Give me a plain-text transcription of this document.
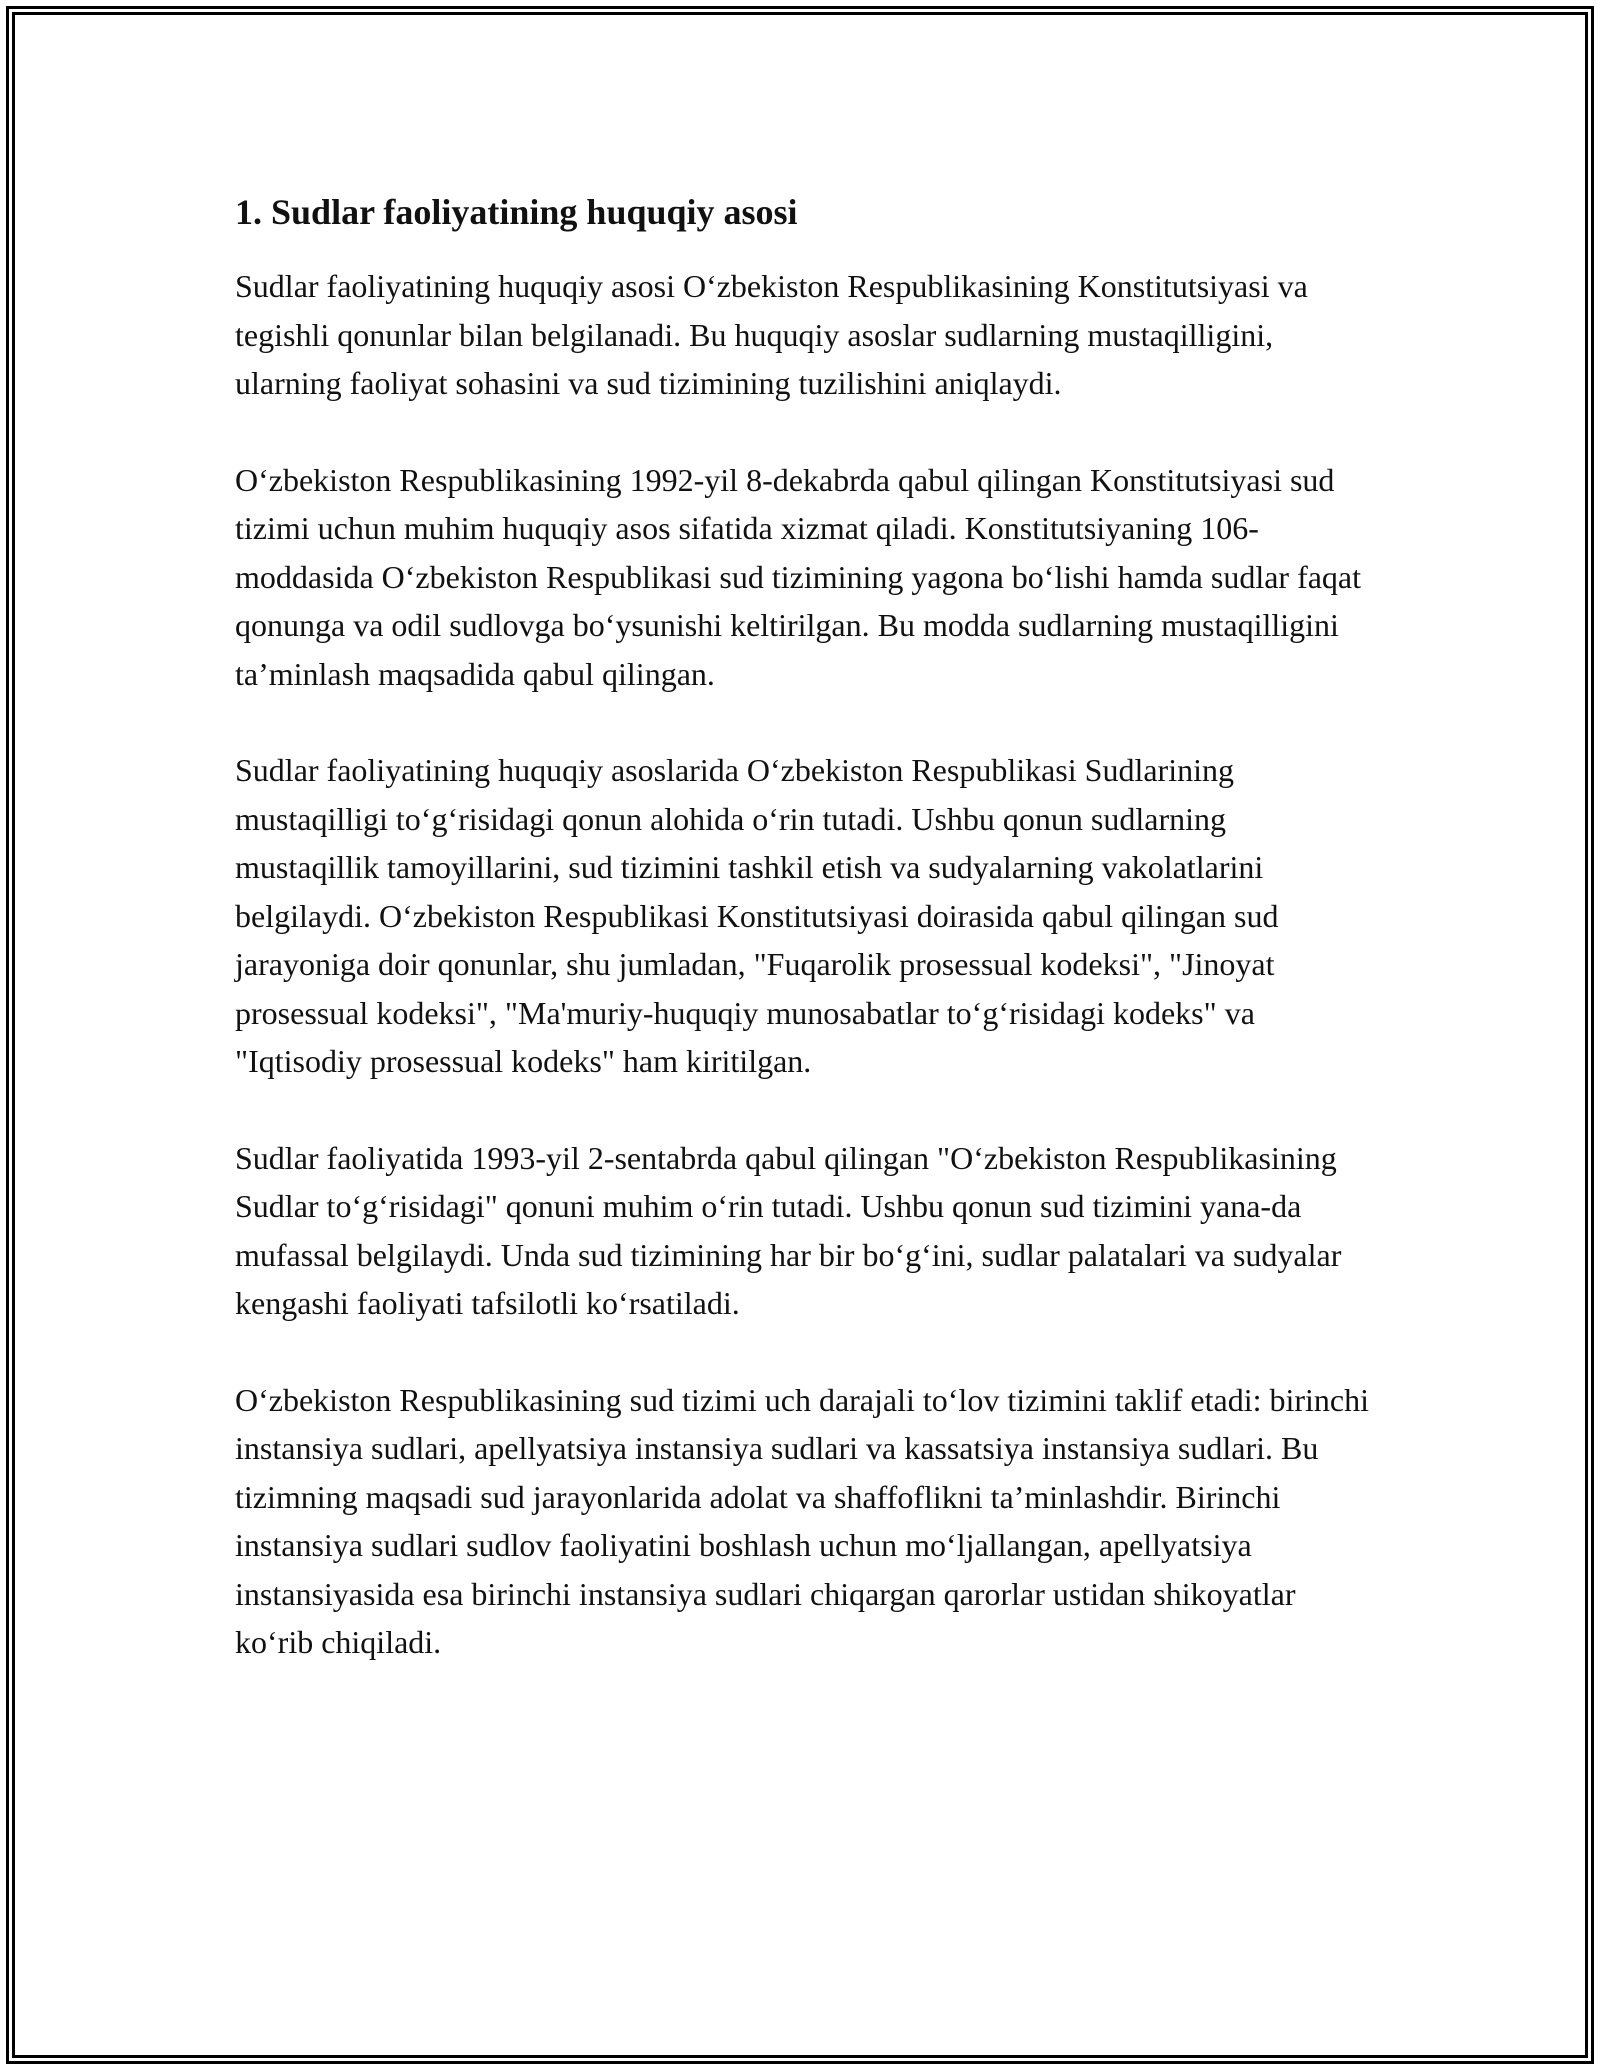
1. Sudlar faoliyatining huquqiy asosi

Sudlar faoliyatining huquqiy asosi O‘zbekiston Respublikasining Konstitutsiyasi va tegishli qonunlar bilan belgilanadi. Bu huquqiy asoslar sudlarning mustaqilligini, ularning faoliyat sohasini va sud tizimining tuzilishini aniqlaydi.

O‘zbekiston Respublikasining 1992-yil 8-dekabrda qabul qilingan Konstitutsiyasi sud tizimi uchun muhim huquqiy asos sifatida xizmat qiladi. Konstitutsiyaning 106-moddasida O‘zbekiston Respublikasi sud tizimining yagona bo‘lishi hamda sudlar faqat qonunga va odil sudlovga bo‘ysunishi keltirilgan. Bu modda sudlarning mustaqilligini ta’minlash maqsadida qabul qilingan.

Sudlar faoliyatining huquqiy asoslarida O‘zbekiston Respublikasi Sudlarining mustaqilligi to‘g‘risidagi qonun alohida o‘rin tutadi. Ushbu qonun sudlarning mustaqillik tamoyillarini, sud tizimini tashkil etish va sudyalarning vakolatlarini belgilaydi. O‘zbekiston Respublikasi Konstitutsiyasi doirasida qabul qilingan sud jarayoniga doir qonunlar, shu jumladan, "Fuqarolik prosessual kodeksi", "Jinoyat prosessual kodeksi", "Ma'muriy-huquqiy munosabatlar to‘g‘risidagi kodeks" va "Iqtisodiy prosessual kodeks" ham kiritilgan.

Sudlar faoliyatida 1993-yil 2-sentabrda qabul qilingan "O‘zbekiston Respublikasining Sudlar to‘g‘risidagi" qonuni muhim o‘rin tutadi. Ushbu qonun sud tizimini yana-da mufassal belgilaydi. Unda sud tizimining har bir bo‘g‘ini, sudlar palatalari va sudyalar kengashi faoliyati tafsilotli ko‘rsatiladi.

O‘zbekiston Respublikasining sud tizimi uch darajali to‘lov tizimini taklif etadi: birinchi instansiya sudlari, apellyatsiya instansiya sudlari va kassatsiya instansiya sudlari. Bu tizimning maqsadi sud jarayonlarida adolat va shaffoflikni ta’minlashdir. Birinchi instansiya sudlari sudlov faoliyatini boshlash uchun mo‘ljallangan, apellyatsiya instansiyasida esa birinchi instansiya sudlari chiqargan qarorlar ustidan shikoyatlar ko‘rib chiqiladi.
